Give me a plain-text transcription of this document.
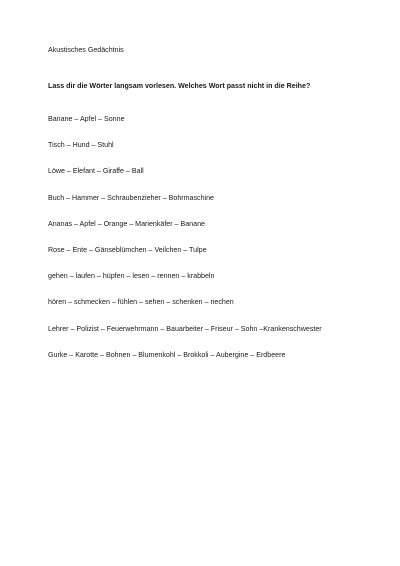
Akustisches Gedächtnis
Lass dir die Wörter langsam vorlesen. Welches Wort passt nicht in die Reihe?
Banane – Apfel – Sonne
Tisch – Hund – Stuhl
Löwe – Elefant – Giraffe – Ball
Buch – Hammer – Schraubenzieher – Bohrmaschine
Ananas – Apfel – Orange – Marienkäfer – Banane
Rose – Ente – Gänseblümchen – Veilchen – Tulpe
gehen – laufen – hüpfen – lesen – rennen – krabbeln
hören – schmecken – fühlen – sehen – schenken – riechen
Lehrer – Polizist – Feuerwehrmann – Bauarbeiter – Friseur – Sohn –Krankenschwester
Gurke – Karotte – Bohnen – Blumenkohl – Brokkoli – Aubergine – Erdbeere
